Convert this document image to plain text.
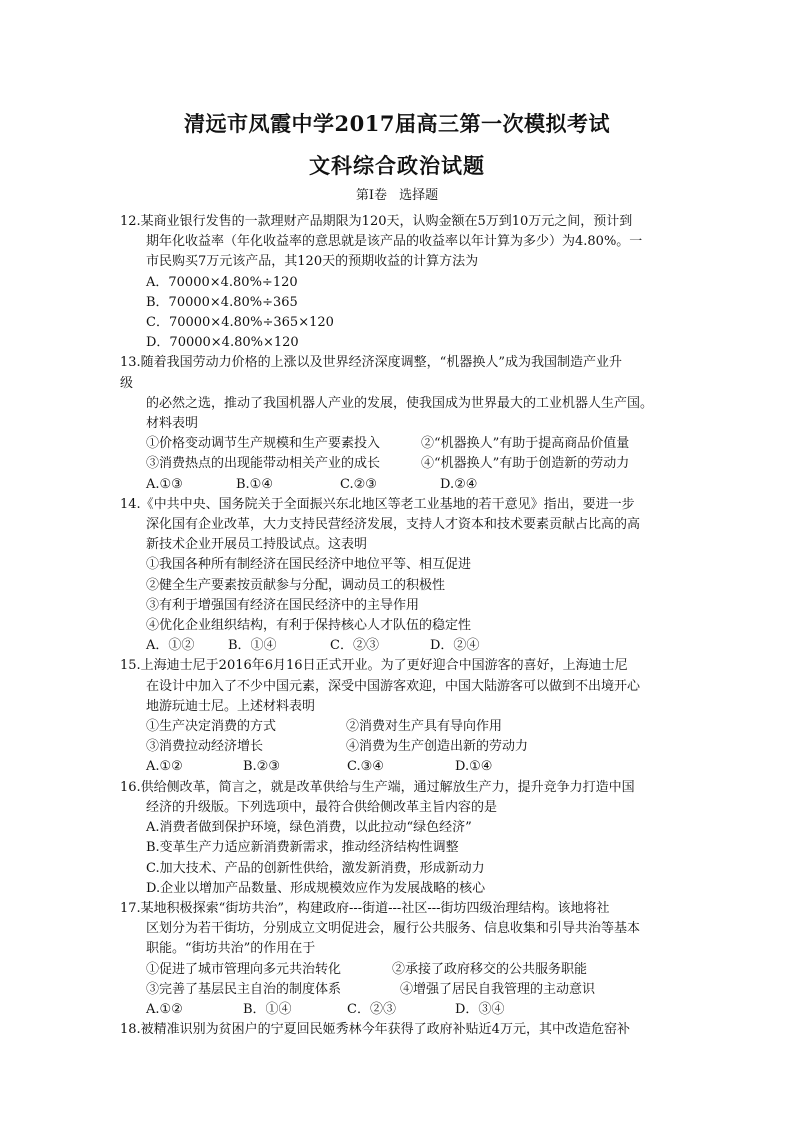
清远市凤霞中学2017届高三第一次模拟考试
文科综合政治试题
第Ⅰ卷 选择题
12.某商业银行发售的一款理财产品期限为120天，认购金额在5万到10万元之间，预计到
期年化收益率（年化收益率的意思就是该产品的收益率以年计算为多少）为4.80%。一
市民购买7万元该产品，其120天的预期收益的计算方法为
A．70000×4.80%÷120
B．70000×4.80%÷365
C．70000×4.80%÷365×120
D．70000×4.80%×120
13.随着我国劳动力价格的上涨以及世界经济深度调整，“机器换人”成为我国制造产业升
级
的必然之选，推动了我国机器人产业的发展，使我国成为世界最大的工业机器人生产国。
材料表明
①价格变动调节生产规模和生产要素投入	②“机器换人”有助于提高商品价值量
③消费热点的出现能带动相关产业的成长	④“机器换人”有助于创造新的劳动力
A.①③	B.①④	C.②③	D.②④
14.《中共中央、国务院关于全面振兴东北地区等老工业基地的若干意见》指出，要进一步
深化国有企业改革，大力支持民营经济发展，支持人才资本和技术要素贡献占比高的高
新技术企业开展员工持股试点。这表明
①我国各种所有制经济在国民经济中地位平等、相互促进
②健全生产要素按贡献参与分配，调动员工的积极性
③有利于增强国有经济在国民经济中的主导作用
④优化企业组织结构，有利于保持核心人才队伍的稳定性
A．①②	B．①④	C．②③	D．②④
15.上海迪士尼于2016年6月16日正式开业。为了更好迎合中国游客的喜好，上海迪士尼
在设计中加入了不少中国元素，深受中国游客欢迎，中国大陆游客可以做到不出境开心
地游玩迪士尼。上述材料表明
①生产决定消费的方式	②消费对生产具有导向作用
③消费拉动经济增长	④消费为生产创造出新的劳动力
A.①②	B.②③	C.③④	D.①④
16.供给侧改革，简言之，就是改革供给与生产端，通过解放生产力，提升竞争力打造中国
经济的升级版。下列选项中，最符合供给侧改革主旨内容的是
A.消费者做到保护环境，绿色消费，以此拉动“绿色经济”
B.变革生产力适应新消费新需求，推动经济结构性调整
C.加大技术、产品的创新性供给，激发新消费，形成新动力
D.企业以增加产品数量、形成规模效应作为发展战略的核心
17.某地积极探索“街坊共治”，构建政府---街道---社区---街坊四级治理结构。该地将社
区划分为若干街坊，分别成立文明促进会，履行公共服务、信息收集和引导共治等基本
职能。“街坊共治”的作用在于
①促进了城市管理向多元共治转化	②承接了政府移交的公共服务职能
③完善了基层民主自治的制度体系	④增强了居民自我管理的主动意识
A.①②	B．①④	C．②③	D．③④
18.被精准识别为贫困户的宁夏回民姬秀林今年获得了政府补贴近4万元，其中改造危窑补
